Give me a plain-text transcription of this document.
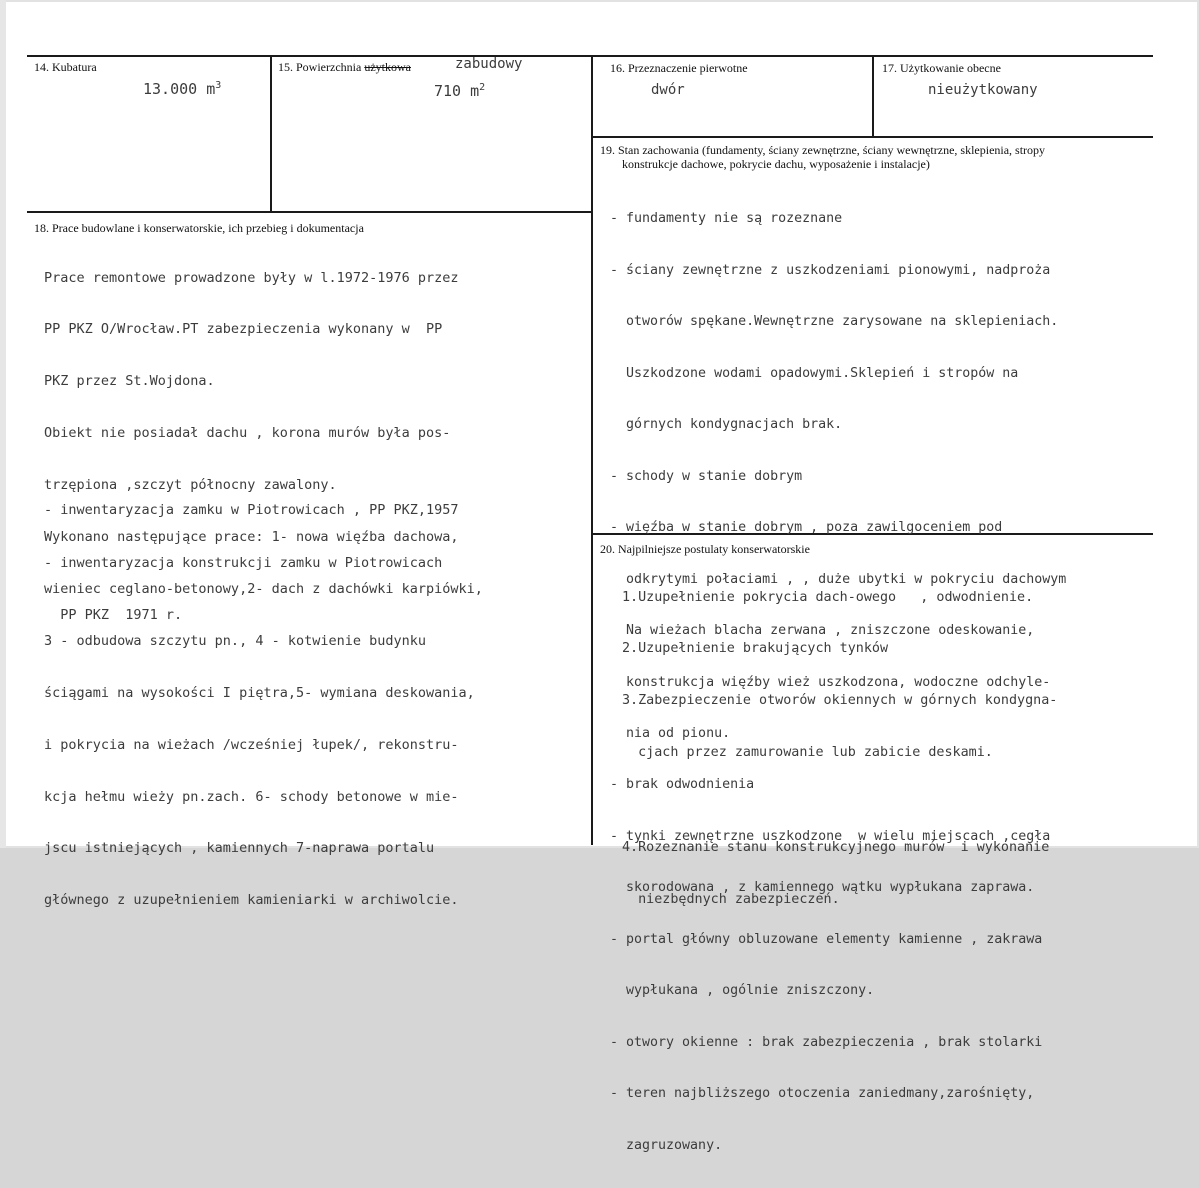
14. Kubatura
13.000 $m^3$
15. Powierzchnia użytkowa	zabudowy
710 $m^2$
16. Przeznaczenie pierwotne
dwór
17. Użytkowanie obecne
nieużytkowany
18. Prace budowlane i konserwatorskie, ich przebieg i dokumentacja

Prace remontowe prowadzone były w l.1972-1976 przez

PP PKZ O/Wrocław.PT zabezpieczenia wykonany w  PP

PKZ przez St.Wojdona.

Obiekt nie posiadał dachu , korona murów była pos-

trzępiona ,szczyt północny zawalony.

Wykonano następujące prace: 1- nowa więźba dachowa,

wieniec ceglano-betonowy,2- dach z dachówki karpiówki,

3 - odbudowa szczytu pn., 4 - kotwienie budynku

ściągami na wysokości I piętra,5- wymiana deskowania,

i pokrycia na wieżach /wcześniej łupek/, rekonstru-

kcja hełmu wieży pn.zach. 6- schody betonowe w mie-

jscu istniejących , kamiennych 7-naprawa portalu

głównego z uzupełnieniem kamieniarki w archiwolcie.

- inwentaryzacja zamku w Piotrowicach , PP PKZ,1957

- inwentaryzacja konstrukcji zamku w Piotrowicach

PP PKZ  1971 r.

19. Stan zachowania (fundamenty, ściany zewnętrzne, ściany wewnętrzne, sklepienia, stropy
konstrukcje dachowe, pokrycie dachu, wyposażenie i instalacje)

- fundamenty nie są rozeznane

- ściany zewnętrzne z uszkodzeniami pionowymi, nadproża

otworów spękane.Wewnętrzne zarysowane na sklepieniach.

Uszkodzone wodami opadowymi.Sklepień i stropów na

górnych kondygnacjach brak.

- schody w stanie dobrym

- więźba w stanie dobrym , poza zawilgoceniem pod

odkrytymi połaciami , , duże ubytki w pokryciu dachowym

Na wieżach blacha zerwana , zniszczone odeskowanie,

konstrukcja więźby wież uszkodzona, wodoczne odchyle-

nia od pionu.

- brak odwodnienia

- tynki zewnętrzne uszkodzone  w wielu miejscach ,cegła

skorodowana , z kamiennego wątku wypłukana zaprawa.

- portal główny obluzowane elementy kamienne , zakrawa

wypłukana , ogólnie zniszczony.

- otwory okienne : brak zabezpieczenia , brak stolarki

- teren najbliższego otoczenia zaniedmany,zarośnięty,

zagruzowany.

20. Najpilniejsze postulaty konserwatorskie

1.Uzupełnienie pokrycia dach-owego   , odwodnienie.

2.Uzupełnienie brakujących tynków

3.Zabezpieczenie otworów okiennych w górnych kondygna-

cjach przez zamurowanie lub zabicie deskami.

4.Rozeznanie stanu konstrukcyjnego murów  i wykonanie

niezbędnych zabezpieczeń.
